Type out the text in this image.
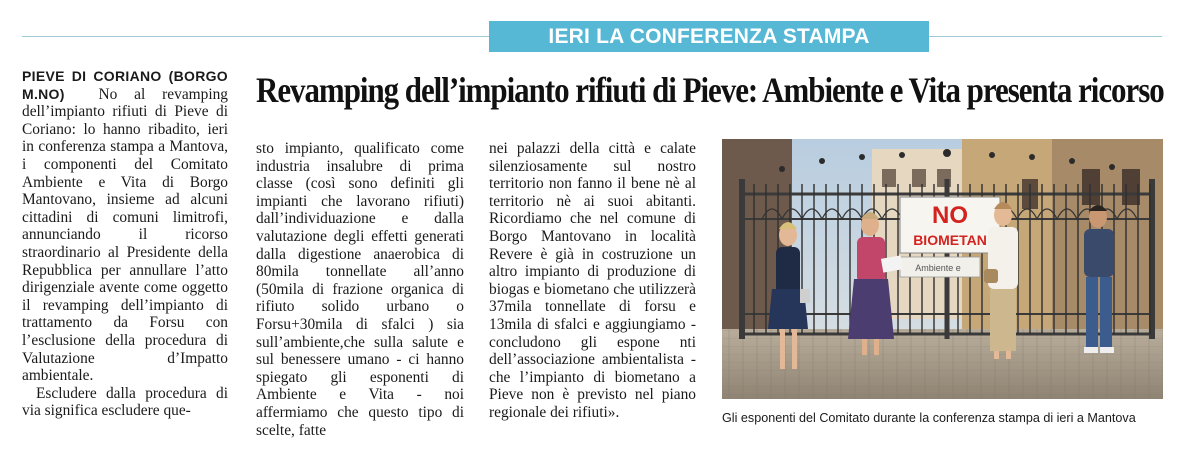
IERI LA CONFERENZA STAMPA
Revamping dell’impianto rifiuti di Pieve: Ambiente e Vita presenta ricorso

PIEVE DI CORIANO (BORGO M.NO) No al revamping dell’impianto rifiuti di Pieve di Coriano: lo hanno ribadito, ieri in conferenza stampa a Mantova, i componenti del Comitato Ambiente e Vita di Borgo Mantovano, insieme ad alcuni cittadini di comuni limitrofi, annunciando il ricorso straordinario al Presidente della Repubblica per annullare l’atto dirigenziale avente come oggetto il revamping dell’impianto di trattamento da Forsu con l’esclusione della procedura di Valutazione d’Impatto ambientale.

Escludere dalla procedura di via significa escludere que-

sto impianto, qualificato come industria insalubre di prima classe (così sono definiti gli impianti che lavorano rifiuti) dall’individuazione e dalla valutazione degli effetti generati dalla digestione anaerobica di 80mila tonnellate all’anno (50mila di frazione organica di rifiuto solido urbano o Forsu+30mila di sfalci ) sia sull’ambiente,che sulla salute e sul benessere umano - ci hanno spiegato gli esponenti di Ambiente e Vita - noi affermiamo che questo tipo di scelte, fatte

nei palazzi della città e calate silenziosamente sul nostro territorio non fanno il bene nè al territorio nè ai suoi abitanti. Ricordiamo che nel comune di Borgo Mantovano in località Revere è già in costruzione un altro impianto di produzione di biogas e biometano che utilizzerà 37mila tonnellate di forsu e 13mila di sfalci e aggiungiamo - concludono gli espone nti dell’associazione ambientalista - che l’impianto di biometano a Pieve non è previsto nel piano regionale dei rifiuti».

NO
BIOMETAN
Ambiente e
Gli esponenti del Comitato durante la conferenza stampa di ieri a Mantova
